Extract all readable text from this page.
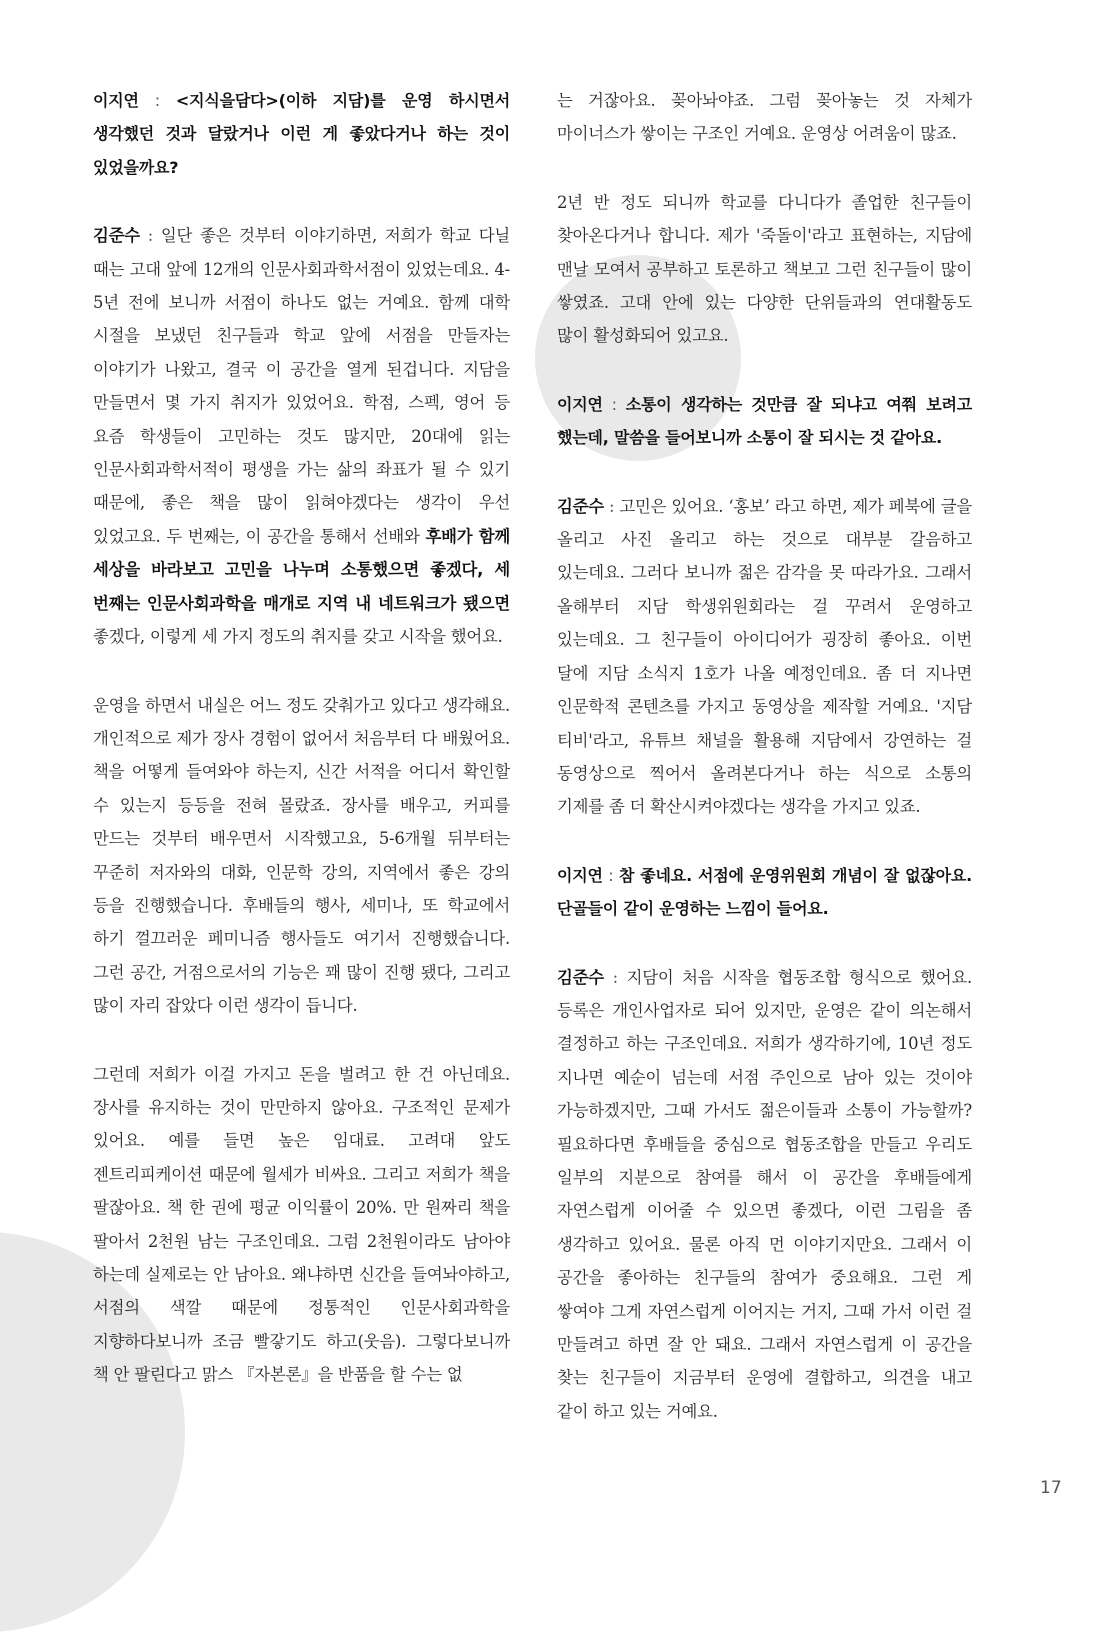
이지연 : <지식을담다>(이하 지담)를 운영 하시면서 생각했던 것과 달랐거나 이런 게 좋았다거나 하는 것이 있었을까요?

김준수 : 일단 좋은 것부터 이야기하면, 저희가 학교 다닐 때는 고대 앞에 12개의 인문사회과학서점이 있었는데요. 4-5년 전에 보니까 서점이 하나도 없는 거예요. 함께 대학 시절을 보냈던 친구들과 학교 앞에 서점을 만들자는 이야기가 나왔고, 결국 이 공간을 열게 된겁니다. 지담을 만들면서 몇 가지 취지가 있었어요. 학점, 스펙, 영어 등 요즘 학생들이 고민하는 것도 많지만, 20대에 읽는 인문사회과학서적이 평생을 가는 삶의 좌표가 될 수 있기 때문에, 좋은 책을 많이 읽혀야겠다는 생각이 우선 있었고요. 두 번째는, 이 공간을 통해서 선배와 후배가 함께 세상을 바라보고 고민을 나누며 소통했으면 좋겠다, 세 번째는 인문사회과학을 매개로 지역 내 네트워크가 됐으면 좋겠다, 이렇게 세 가지 정도의 취지를 갖고 시작을 했어요.

운영을 하면서 내실은 어느 정도 갖춰가고 있다고 생각해요. 개인적으로 제가 장사 경험이 없어서 처음부터 다 배웠어요. 책을 어떻게 들여와야 하는지, 신간 서적을 어디서 확인할 수 있는지 등등을 전혀 몰랐죠. 장사를 배우고, 커피를 만드는 것부터 배우면서 시작했고요, 5-6개월 뒤부터는 꾸준히 저자와의 대화, 인문학 강의, 지역에서 좋은 강의 등을 진행했습니다. 후배들의 행사, 세미나, 또 학교에서 하기 껄끄러운 페미니즘 행사들도 여기서 진행했습니다. 그런 공간, 거점으로서의 기능은 꽤 많이 진행 됐다, 그리고 많이 자리 잡았다 이런 생각이 듭니다.

그런데 저희가 이걸 가지고 돈을 벌려고 한 건 아닌데요. 장사를 유지하는 것이 만만하지 않아요. 구조적인 문제가 있어요. 예를 들면 높은 임대료. 고려대 앞도 젠트리피케이션 때문에 월세가 비싸요. 그리고 저희가 책을 팔잖아요. 책 한 권에 평균 이익률이 20%. 만 원짜리 책을 팔아서 2천원 남는 구조인데요. 그럼 2천원이라도 남아야 하는데 실제로는 안 남아요. 왜냐하면 신간을 들여놔야하고, 서점의 색깔 때문에 정통적인 인문사회과학을 지향하다보니까 조금 빨갛기도 하고(웃음). 그렇다보니까 책 안 팔린다고 맑스 『자본론』을 반품을 할 수는 없

는 거잖아요. 꽂아놔야죠. 그럼 꽂아놓는 것 자체가 마이너스가 쌓이는 구조인 거예요. 운영상 어려움이 많죠.

2년 반 정도 되니까 학교를 다니다가 졸업한 친구들이 찾아온다거나 합니다. 제가 '죽돌이'라고 표현하는, 지담에 맨날 모여서 공부하고 토론하고 책보고 그런 친구들이 많이 쌓였죠. 고대 안에 있는 다양한 단위들과의 연대활동도 많이 활성화되어 있고요.

이지연 : 소통이 생각하는 것만큼 잘 되냐고 여쭤 보려고 했는데, 말씀을 들어보니까 소통이 잘 되시는 것 같아요.

김준수 : 고민은 있어요. ‘홍보’ 라고 하면, 제가 페북에 글을 올리고 사진 올리고 하는 것으로 대부분 갈음하고 있는데요. 그러다 보니까 젊은 감각을 못 따라가요. 그래서 올해부터 지담 학생위원회라는 걸 꾸려서 운영하고 있는데요. 그 친구들이 아이디어가 굉장히 좋아요. 이번 달에 지담 소식지 1호가 나올 예정인데요. 좀 더 지나면 인문학적 콘텐츠를 가지고 동영상을 제작할 거예요. '지담 티비'라고, 유튜브 채널을 활용해 지담에서 강연하는 걸 동영상으로 찍어서 올려본다거나 하는 식으로 소통의 기제를 좀 더 확산시켜야겠다는 생각을 가지고 있죠.

이지연 : 참 좋네요. 서점에 운영위원회 개념이 잘 없잖아요. 단골들이 같이 운영하는 느낌이 들어요.

김준수 : 지담이 처음 시작을 협동조합 형식으로 했어요. 등록은 개인사업자로 되어 있지만, 운영은 같이 의논해서 결정하고 하는 구조인데요. 저희가 생각하기에, 10년 정도 지나면 예순이 넘는데 서점 주인으로 남아 있는 것이야 가능하겠지만, 그때 가서도 젊은이들과 소통이 가능할까? 필요하다면 후배들을 중심으로 협동조합을 만들고 우리도 일부의 지분으로 참여를 해서 이 공간을 후배들에게 자연스럽게 이어줄 수 있으면 좋겠다, 이런 그림을 좀 생각하고 있어요. 물론 아직 먼 이야기지만요. 그래서 이 공간을 좋아하는 친구들의 참여가 중요해요. 그런 게 쌓여야 그게 자연스럽게 이어지는 거지, 그때 가서 이런 걸 만들려고 하면 잘 안 돼요. 그래서 자연스럽게 이 공간을 찾는 친구들이 지금부터 운영에 결합하고, 의견을 내고 같이 하고 있는 거예요.

17
